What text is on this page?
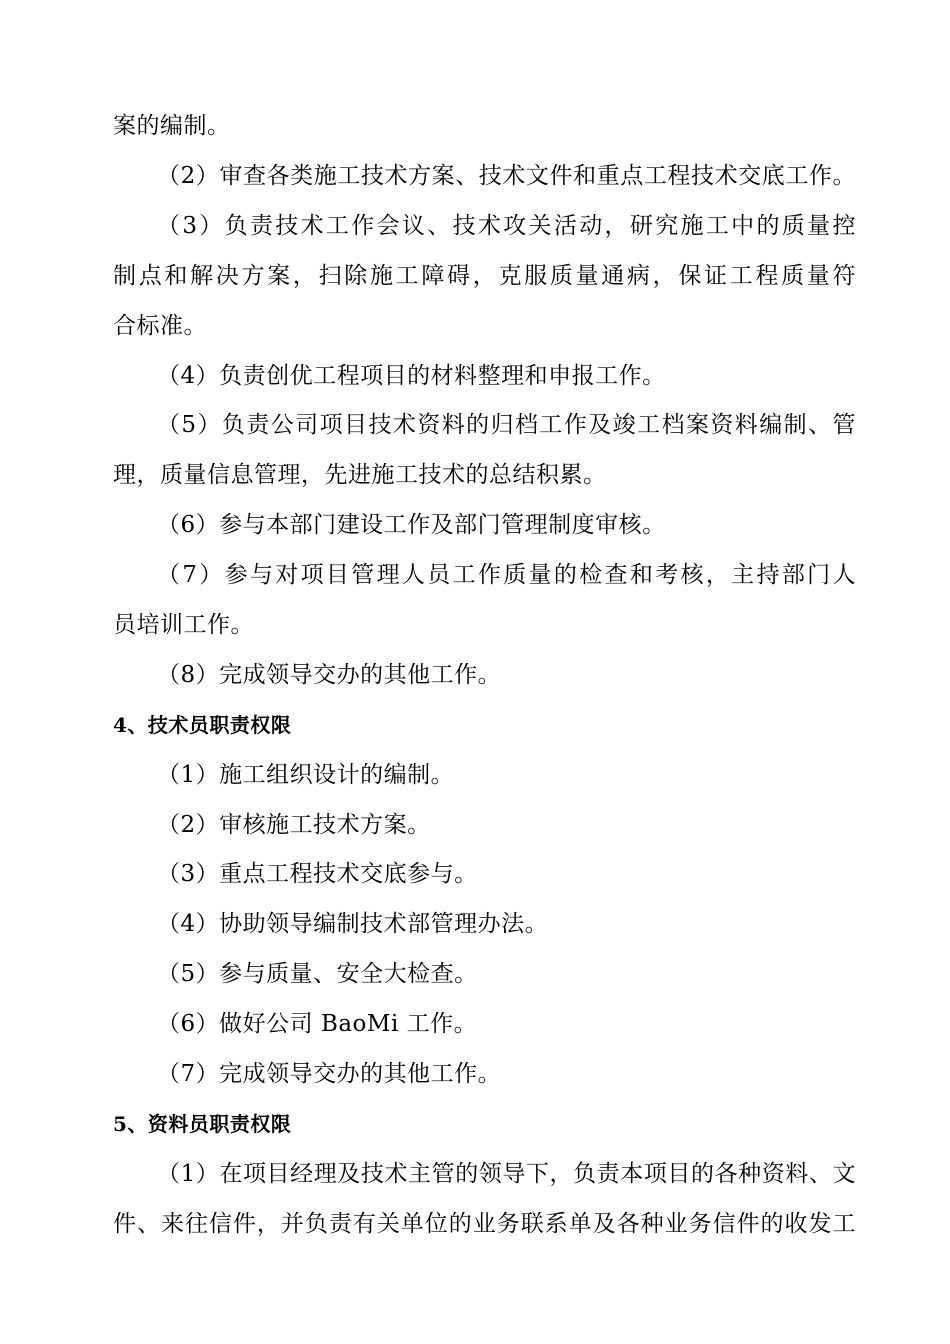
案的编制。
（2）审查各类施工技术方案、技术文件和重点工程技术交底工作。
（3）负责技术工作会议、技术攻关活动，研究施工中的质量控
制点和解决方案，扫除施工障碍，克服质量通病，保证工程质量符
合标准。
（4）负责创优工程项目的材料整理和申报工作。
（5）负责公司项目技术资料的归档工作及竣工档案资料编制、管
理，质量信息管理，先进施工技术的总结积累。
（6）参与本部门建设工作及部门管理制度审核。
（7）参与对项目管理人员工作质量的检查和考核，主持部门人
员培训工作。
（8）完成领导交办的其他工作。
4、技术员职责权限
（1）施工组织设计的编制。
（2）审核施工技术方案。
（3）重点工程技术交底参与。
（4）协助领导编制技术部管理办法。
（5）参与质量、安全大检查。
（6）做好公司 BaoMi 工作。
（7）完成领导交办的其他工作。
5、资料员职责权限
（1）在项目经理及技术主管的领导下，负责本项目的各种资料、文
件、来往信件，并负责有关单位的业务联系单及各种业务信件的收发工
